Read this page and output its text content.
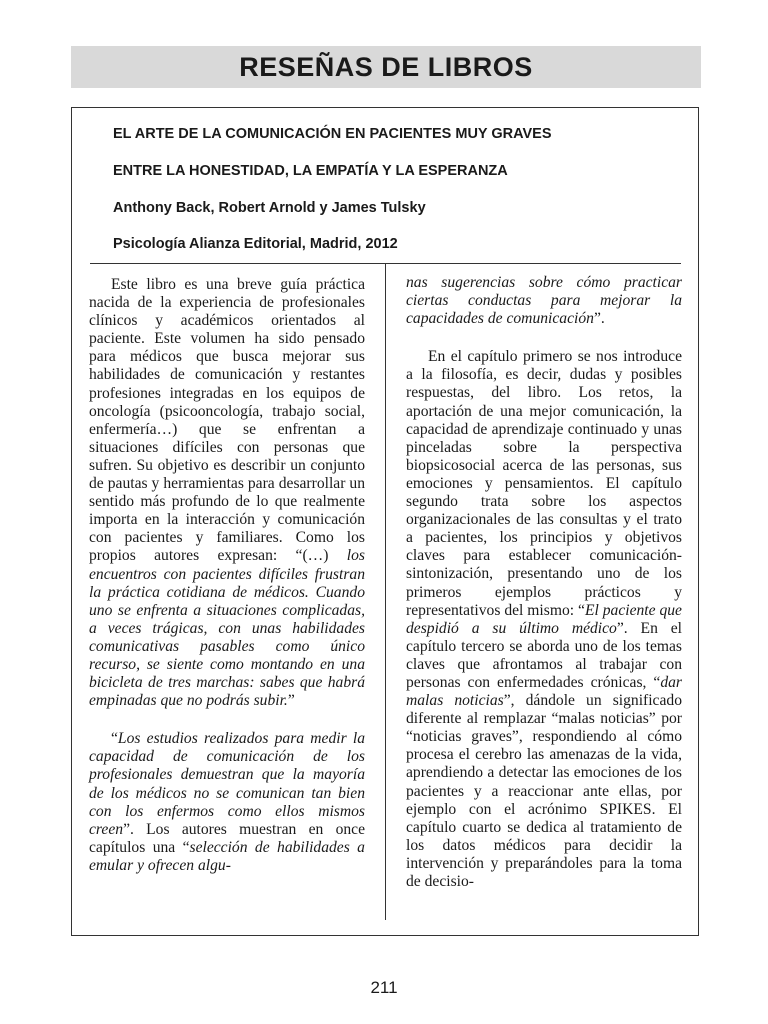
RESEÑAS DE LIBROS
EL ARTE DE LA COMUNICACIÓN EN PACIENTES MUY GRAVES
ENTRE LA HONESTIDAD, LA EMPATÍA Y LA ESPERANZA
Anthony Back, Robert Arnold y James Tulsky
Psicología Alianza Editorial, Madrid, 2012

Este libro es una breve guía práctica nacida de la experiencia de profesionales clínicos y académicos orientados al paciente. Este volumen ha sido pensado para médicos que busca mejorar sus habilidades de comunicación y restantes profesiones integradas en los equipos de oncología (psicooncología, trabajo social, enfermería…) que se enfrentan a situaciones difíciles con personas que sufren. Su objetivo es describir un conjunto de pautas y herramientas para desarrollar un sentido más profundo de lo que realmente importa en la interacción y comunicación con pacientes y familiares. Como los propios autores expresan: “(…) los encuentros con pacientes difíciles frustran la práctica cotidiana de médicos. Cuando uno se enfrenta a situaciones complicadas, a veces trágicas, con unas habilidades comunicativas pasables como único recurso, se siente como montando en una bicicleta de tres marchas: sabes que habrá empinadas que no podrás subir.”

“Los estudios realizados para medir la capacidad de comunicación de los profesionales demuestran que la mayoría de los médicos no se comunican tan bien con los enfermos como ellos mismos creen”. Los autores muestran en once capítulos una “selección de habilidades a emular y ofrecen algu-

nas sugerencias sobre cómo practicar ciertas conductas para mejorar la capacidades de comunicación”.

En el capítulo primero se nos introduce a la filosofía, es decir, dudas y posibles respuestas, del libro. Los retos, la aportación de una mejor comunicación, la capacidad de aprendizaje continuado y unas pinceladas sobre la perspectiva biopsicosocial acerca de las personas, sus emociones y pensamientos. El capítulo segundo trata sobre los aspectos organizacionales de las consultas y el trato a pacientes, los principios y objetivos claves para establecer comunicación-sintonización, presentando uno de los primeros ejemplos prácticos y representativos del mismo: “El paciente que despidió a su último médico”. En el capítulo tercero se aborda uno de los temas claves que afrontamos al trabajar con personas con enfermedades crónicas, “dar malas noticias”, dándole un significado diferente al remplazar “malas noticias” por “noticias graves”, respondiendo al cómo procesa el cerebro las amenazas de la vida, aprendiendo a detectar las emociones de los pacientes y a reaccionar ante ellas, por ejemplo con el acrónimo SPIKES. El capítulo cuarto se dedica al tratamiento de los datos médicos para decidir la intervención y preparándoles para la toma de decisio-

211
